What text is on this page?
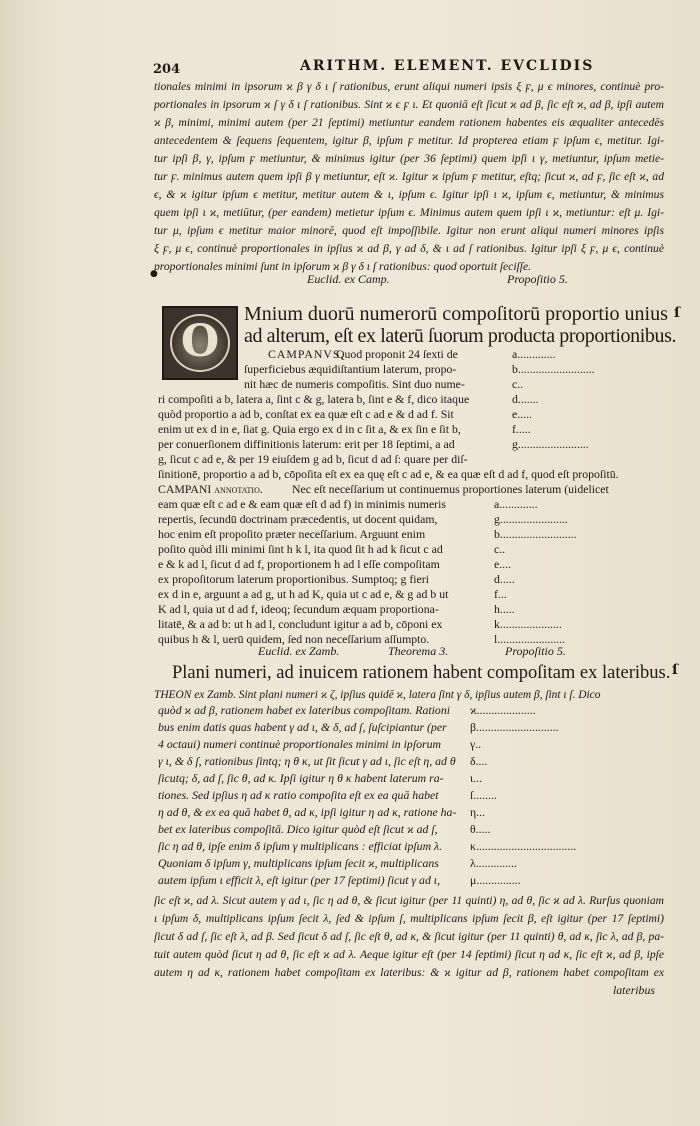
204	ARITHM. ELEMENT. EVCLIDIS
tionales minimi in ipsorum ϰ β γ δ ι ſ rationibus, erunt aliqui numeri ipsis ξ ϝ, μ ϵ minores, continuè pro-
portionales in ipsorum ϰ ſ γ δ ι ſ rationibus. Sint ϰ ϵ ϝ ι. Et quoniā eſt ſicut ϰ ad β, ſic eſt ϰ, ad β, ipſi autem
ϰ β, minimi, minimi autem (per 21 ſeptimi) metiuntur eandem rationem habentes eis æqualiter antecedēs
antecedentem & ſequens ſequentem, igitur β, ipſum ϝ metitur. Id propterea etiam ϝ ipſum ϵ, metitur. Igi-
tur ipſi β, γ, ipſum ϝ metiuntur, & minimus igitur (per 36 ſeptimi) quem ipſi ι γ, metiuntur, ipſum metie-
tur ϝ. minimus autem quem ipſi β γ metiuntur, eſt ϰ. Igitur ϰ ipſum ϝ metitur, eſtq; ſicut ϰ, ad ϝ, ſic eſt ϰ, ad
ϵ, & ϰ igitur ipſum ϵ metitur, metitur autem & ι, ipſum ϵ. Igitur ipſi ι ϰ, ipſum ϵ, metiuntur, & minimus
quem ipſi ι ϰ, metiūtur, (per eandem) metietur ipſum ϵ. Minimus autem quem ipſi ι ϰ, metiuntur: eſt μ. Igi-
tur μ, ipſum ϵ metitur maior minorē, quod eſt impoſſibile. Igitur non erunt aliqui numeri minores ipſis
ξ ϝ, μ ϵ, continuè proportionales in ipſius ϰ ad β, γ ad δ, & ι ad ſ rationibus. Igitur ipſi ξ ϝ, μ ϵ, continuè
proportionales minimi ſunt in ipſorum ϰ β γ δ ι ſ rationibus: quod oportuit ſeciſſe.
●	Euclid. ex Camp.	Propoſitio 5.
O
Mnium duorū numerorū compoſitorū proportio unius
ad alterum, eſt ex laterū ſuorum producta proportionibus.
ſ
CAMPANVS.
Quod proponit 24 ſexti de
ſuperficiebus æquidiſtantium laterum, propo-
nit hæc de numeris compoſitis. Sint duo nume-
ri compoſiti a b, latera a, ſint c & g, latera b, ſint e & f, dico itaque
quòd proportio a ad b, conſtat ex ea quæ eſt c ad e & d ad f. Sit
enim ut ex d in e, ſiat g. Quia ergo ex d in c ſit a, & ex ſin e ſit b,
per conuerſionem diffinitionis laterum: erit per 18 ſeptimi, a ad
g, ſicut c ad e, & per 19 eiuſdem g ad b, ſicut d ad ſ: quare per diſ-
ſinitionē, proportio a ad b, cōpoſita eſt ex ea quę eſt c ad e, & ea quæ eſt d ad f, quod eſt propoſitū.
a.............
b..........................
c..
d.......
e.....
f.....
g........................
CAMPANI annotatio. Nec eſt neceſſarium ut continuemus proportiones laterum (uidelicet
eam quæ eſt c ad e & eam quæ eſt d ad f) in minimis numeris
repertis, ſecundū doctrinam præcedentis, ut docent quidam,
hoc enim eſt propoſito præter neceſſarium. Arguunt enim
poſito quòd illi minimi ſint h k l, ita quod ſit h ad k ſicut c ad
e & k ad l, ſicut d ad f, proportionem h ad l eſſe compoſitam
ex propoſitorum laterum proportionibus. Sumptoq; g fieri
ex d in e, arguunt a ad g, ut h ad K, quia ut c ad e, & g ad b ut
K ad l, quia ut d ad f, ideoq; ſecundum æquam proportiona-
litatē, & a ad b: ut h ad l, concludunt igitur a ad b, cōponi ex
quibus h & l, uerū quidem, ſed non neceſſarium aſſumpto.
a.............
g.......................
b..........................
c..
e....
d.....
f...
h.....
k.....................
l.......................
Euclid. ex Zamb.	Theorema 3.	Propoſitio 5.
Plani numeri, ad inuicem rationem habent compoſitam ex lateribus. ſ
THEON ex Zamb. Sint plani numeri ϰ ζ, ipſius quidē ϰ, latera ſint γ δ, ipſius autem β, ſint ι ſ. Dico
quòd ϰ ad β, rationem habet ex lateribus compoſitam. Rationi
bus enim datis quas habent γ ad ι, & δ, ad ſ, ſuſcipiantur (per
4 octaui) numeri continuè proportionales minimi in ipſorum
γ ι, & δ ſ, rationibus ſintq; η θ κ, ut ſit ſicut γ ad ι, ſic eſt η, ad θ
ſicutq; δ, ad ſ, ſic θ, ad κ. Ipſi igitur η θ κ habent laterum ra-
tiones. Sed ipſius η ad κ ratio compoſita eſt ex ea quā habet
η ad θ, & ex ea quā habet θ, ad κ, ipſi igitur η ad κ, ratione ha-
bet ex lateribus compoſitā. Dico igitur quòd eſt ſicut ϰ ad ſ,
ſic η ad θ, ipſe enim δ ipſum γ multiplicans : efficiat ipſum λ.
Quoniam δ ipſum γ, multiplicans ipſum ſecit ϰ, multiplicans
autem ipſum ι efficit λ, eſt igitur (per 17 ſeptimi) ſicut γ ad ι,
ϰ....................
β............................
γ..
δ....
ι...
ſ........
η...
θ.....
κ..................................
λ..............
μ...............
ſic eſt ϰ, ad λ. Sicut autem γ ad ι, ſic η ad θ, & ſicut igitur (per 11 quinti) η, ad θ, ſic ϰ ad λ. Rurſus quoniam
ι ipſum δ, multiplicans ipſum ſecit λ, ſed & ipſum ſ, multiplicans ipſum ſecit β, eſt igitur (per 17 ſeptimi)
ſicut δ ad ſ, ſic eſt λ, ad β. Sed ſicut δ ad ſ, ſic eſt θ, ad κ, & ſicut igitur (per 11 quinti) θ, ad κ, ſic λ, ad β, pa-
tuit autem quòd ſicut η ad θ, ſic eſt ϰ ad λ. Aeque igitur eſt (per 14 ſeptimi) ſicut η ad κ, ſic eſt ϰ, ad β, ipſe
autem η ad κ, rationem habet compoſitam ex lateribus: & ϰ igitur ad β, rationem habet compoſitam ex
lateribus
